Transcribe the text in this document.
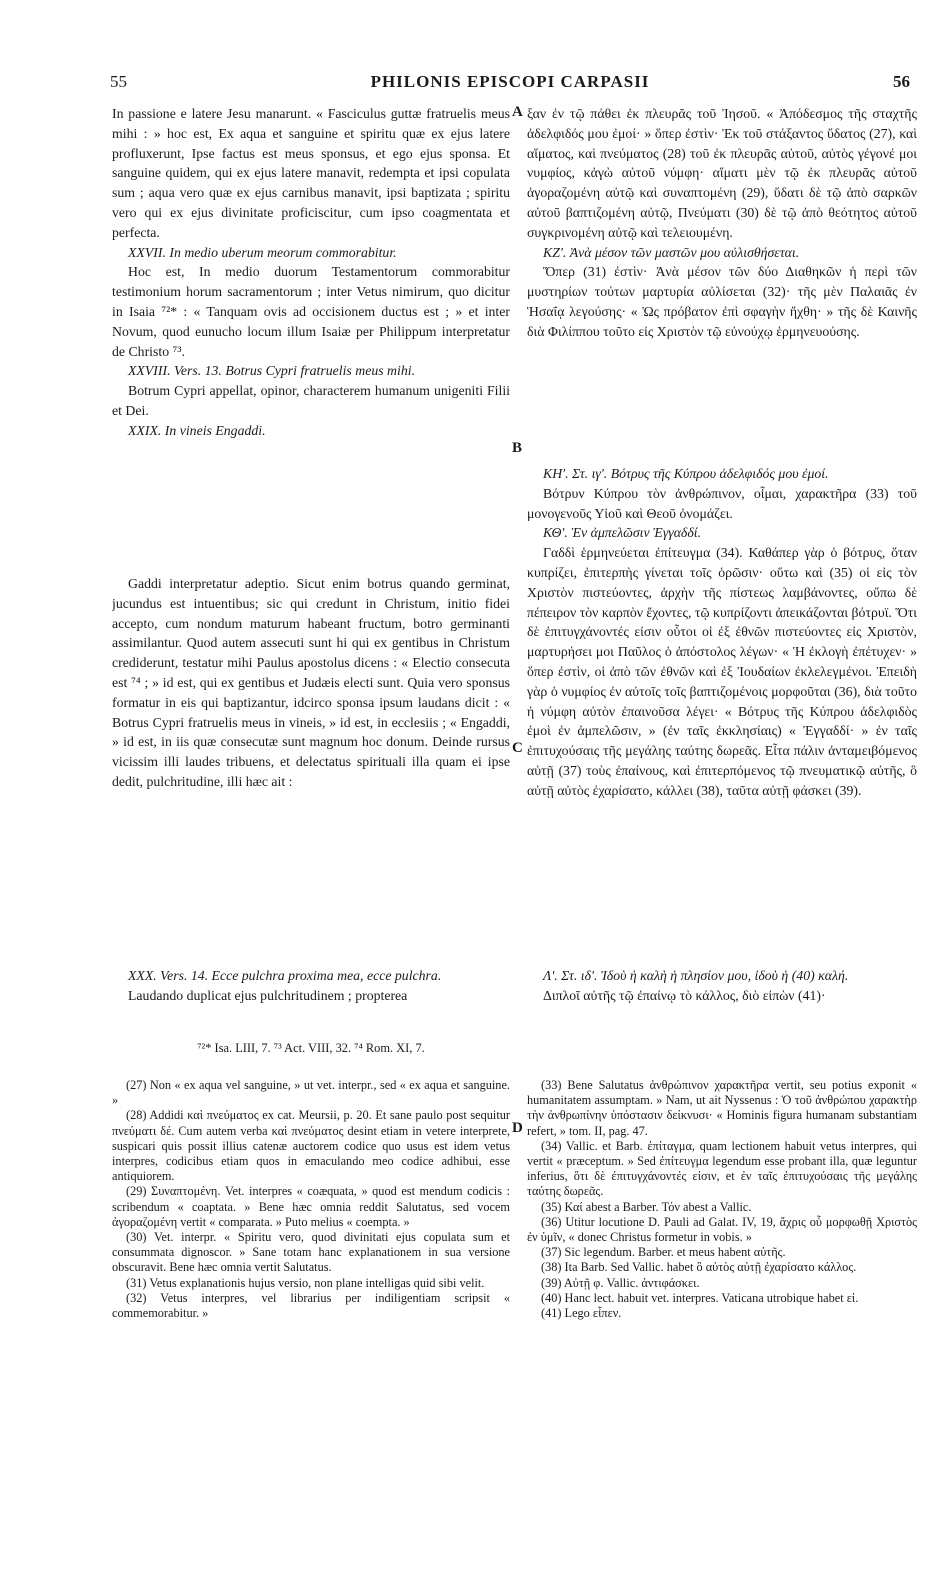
55	PHILONIS EPISCOPI CARPASII	56

In passione e latere Jesu manarunt. « Fasciculus guttæ fratruelis meus mihi : » hoc est, Ex aqua et sanguine et spiritu quæ ex ejus latere profluxerunt, Ipse factus est meus sponsus, et ego ejus sponsa. Et sanguine quidem, qui ex ejus latere manavit, redempta et ipsi copulata sum ; aqua vero quæ ex ejus carnibus manavit, ipsi baptizata ; spiritu vero qui ex ejus divinitate proficiscitur, cum ipso coagmentata et perfecta.

XXVII. In medio uberum meorum commorabitur.

Hoc est, In medio duorum Testamentorum commorabitur testimonium horum sacramentorum ; inter Vetus nimirum, quo dicitur in Isaia ⁷²* : « Tanquam ovis ad occisionem ductus est ; » et inter Novum, quod eunucho locum illum Isaiæ per Philippum interpretatur de Christo ⁷³.

XXVIII. Vers. 13. Botrus Cypri fratruelis meus mihi.

Botrum Cypri appellat, opinor, characterem humanum unigeniti Filii et Dei.

XXIX. In vineis Engaddi.

Gaddi interpretatur adeptio. Sicut enim botrus quando germinat, jucundus est intuentibus; sic qui credunt in Christum, initio fidei accepto, cum nondum maturum habeant fructum, botro germinanti assimilantur. Quod autem assecuti sunt hi qui ex gentibus in Christum crediderunt, testatur mihi Paulus apostolus dicens : « Electio consecuta est ⁷⁴ ; » id est, qui ex gentibus et Judæis electi sunt. Quia vero sponsus formatur in eis qui baptizantur, idcirco sponsa ipsum laudans dicit : « Botrus Cypri fratruelis meus in vineis, » id est, in ecclesiis ; « Engaddi, » id est, in iis quæ consecutæ sunt magnum hoc donum. Deinde rursus vicissim illi laudes tribuens, et delectatus spirituali illa quam ei ipse dedit, pulchritudine, illi hæc ait :

XXX. Vers. 14. Ecce pulchra proxima mea, ecce pulchra.

Laudando duplicat ejus pulchritudinem ; propterea

⁷²* Isa. LIII, 7. ⁷³ Act. VIII, 32. ⁷⁴ Rom. XI, 7.

ξαν ἐν τῷ πάθει ἐκ πλευρᾶς τοῦ Ἰησοῦ. « Ἀπόδεσμος τῆς σταχτῆς ἀδελφιδός μου ἐμοί· » ὅπερ ἐστὶν· Ἐκ τοῦ στάξαντος ὕδατος (27), καὶ αἵματος, καὶ πνεύματος (28) τοῦ ἐκ πλευρᾶς αὐτοῦ, αὐτὸς γέγονέ μοι νυμφίος, κἀγὼ αὐτοῦ νύμφη· αἵματι μὲν τῷ ἐκ πλευρᾶς αὐτοῦ ἀγοραζομένη αὐτῷ καὶ συναπτομένη (29), ὕδατι δὲ τῷ ἀπὸ σαρκῶν αὐτοῦ βαπτιζομένη αὐτῷ, Πνεύματι (30) δὲ τῷ ἀπὸ θεότητος αὐτοῦ συγκρινομένη αὐτῷ καὶ τελειουμένη.

ΚΖ'. Ἀνὰ μέσον τῶν μαστῶν μου αὐλισθήσεται.

Ὅπερ (31) ἐστὶν· Ἀνὰ μέσον τῶν δύο Διαθηκῶν ἡ περὶ τῶν μυστηρίων τούτων μαρτυρία αὐλίσεται (32)· τῆς μὲν Παλαιᾶς ἐν Ἡσαΐᾳ λεγούσης· « Ὡς πρόβατον ἐπὶ σφαγὴν ἤχθη· » τῆς δὲ Καινῆς διὰ Φιλίππου τοῦτο εἰς Χριστὸν τῷ εὐνούχῳ ἑρμηνευούσης.

ΚΗ'. Στ. ιγ'. Βότρυς τῆς Κύπρου ἀδελφιδός μου ἐμοί.

Βότρυν Κύπρου τὸν ἀνθρώπινον, οἶμαι, χαρακτῆρα (33) τοῦ μονογενοῦς Υἱοῦ καὶ Θεοῦ ὀνομάζει.

ΚΘ'. Ἐν ἀμπελῶσιν Ἐγγαδδί.

Γαδδὶ ἑρμηνεύεται ἐπίτευγμα (34). Καθάπερ γὰρ ὁ βότρυς, ὅταν κυπρίζει, ἐπιτερπὴς γίνεται τοῖς ὁρῶσιν· οὕτω καὶ (35) οἱ εἰς τὸν Χριστὸν πιστεύοντες, ἀρχὴν τῆς πίστεως λαμβάνοντες, οὔπω δὲ πέπειρον τὸν καρπὸν ἔχοντες, τῷ κυπρίζοντι ἀπεικάζονται βότρυϊ. Ὅτι δὲ ἐπιτυγχάνοντές εἰσιν οὗτοι οἱ ἐξ ἐθνῶν πιστεύοντες εἰς Χριστὸν, μαρτυρήσει μοι Παῦλος ὁ ἀπόστολος λέγων· « Ἡ ἐκλογὴ ἐπέτυχεν· » ὅπερ ἐστὶν, οἱ ἀπὸ τῶν ἐθνῶν καὶ ἐξ Ἰουδαίων ἐκλελεγμένοι. Ἐπειδὴ γὰρ ὁ νυμφίος ἐν αὐτοῖς τοῖς βαπτιζομένοις μορφοῦται (36), διὰ τοῦτο ἡ νύμφη αὐτὸν ἐπαινοῦσα λέγει· « Βότρυς τῆς Κύπρου ἀδελφιδὸς ἐμοὶ ἐν ἀμπελῶσιν, » (ἐν ταῖς ἐκκλησίαις) « Ἐγγαδδί· » ἐν ταῖς ἐπιτυχούσαις τῆς μεγάλης ταύτης δωρεᾶς. Εἶτα πάλιν ἀνταμειβόμενος αὐτῇ (37) τοὺς ἐπαίνους, καὶ ἐπιτερπόμενος τῷ πνευματικῷ αὐτῆς, ὃ αὐτῇ αὐτὸς ἐχαρίσατο, κάλλει (38), ταῦτα αὐτῇ φάσκει (39).

Λ'. Στ. ιδ'. Ἰδοὺ ἡ καλὴ ἡ πλησίον μου, ἰδοὺ ἡ (40) καλή.

Διπλοῖ αὐτῆς τῷ ἐπαίνῳ τὸ κάλλος, διὸ εἰπὼν (41)·

A
B
C
D

(27) Non « ex aqua vel sanguine, » ut vet. interpr., sed « ex aqua et sanguine. »

(28) Addidi καὶ πνεύματος ex cat. Meursii, p. 20. Et sane paulo post sequitur πνεύματι δέ. Cum autem verba καὶ πνεύματος desint etiam in vetere interprete, suspicari quis possit illius catenæ auctorem codice quo usus est idem vetus interpres, codicibus etiam quos in emaculando meo codice adhibui, esse antiquiorem.

(29) Συναπτομένη. Vet. interpres « coæquata, » quod est mendum codicis : scribendum « coaptata. » Bene hæc omnia reddit Salutatus, sed vocem ἀγοραζομένη vertit « comparata. » Puto melius « coempta. »

(30) Vet. interpr. « Spiritu vero, quod divinitati ejus copulata sum et consummata dignoscor. » Sane totam hanc explanationem in sua versione obscuravit. Bene hæc omnia vertit Salutatus.

(31) Vetus explanationis hujus versio, non plane intelligas quid sibi velit.

(32) Vetus interpres, vel librarius per indiligentiam scripsit « commemorabitur. »

(33) Bene Salutatus ἀνθρώπινον χαρακτῆρα vertit, seu potius exponit « humanitatem assumptam. » Nam, ut ait Nyssenus : Ὁ τοῦ ἀνθρώπου χαρακτὴρ τὴν ἀνθρωπίνην ὑπόστασιν δείκνυσι· « Hominis figura humanam substantiam refert, » tom. II, pag. 47.

(34) Vallic. et Barb. ἐπίταγμα, quam lectionem habuit vetus interpres, qui vertit « præceptum. » Sed ἐπίτευγμα legendum esse probant illa, quæ leguntur inferius, ὅτι δὲ ἐπιτυγχάνοντές εἰσιν, et ἐν ταῖς ἐπιτυχούσαις τῆς μεγάλης ταύτης δωρεᾶς.

(35) Καί abest a Barber. Τόν abest a Vallic.

(36) Utitur locutione D. Pauli ad Galat. IV, 19, ἄχρις οὗ μορφωθῇ Χριστὸς ἐν ὑμῖν, « donec Christus formetur in vobis. »

(37) Sic legendum. Barber. et meus habent αὐτῆς.

(38) Ita Barb. Sed Vallic. habet ὃ αὐτὸς αὐτῇ ἐχαρίσατο κάλλος.

(39) Αὐτῇ φ. Vallic. ἀντιφάσκει.

(40) Hanc lect. habuit vet. interpres. Vaticana utrobique habet εἰ.

(41) Lego εἶπεν.
